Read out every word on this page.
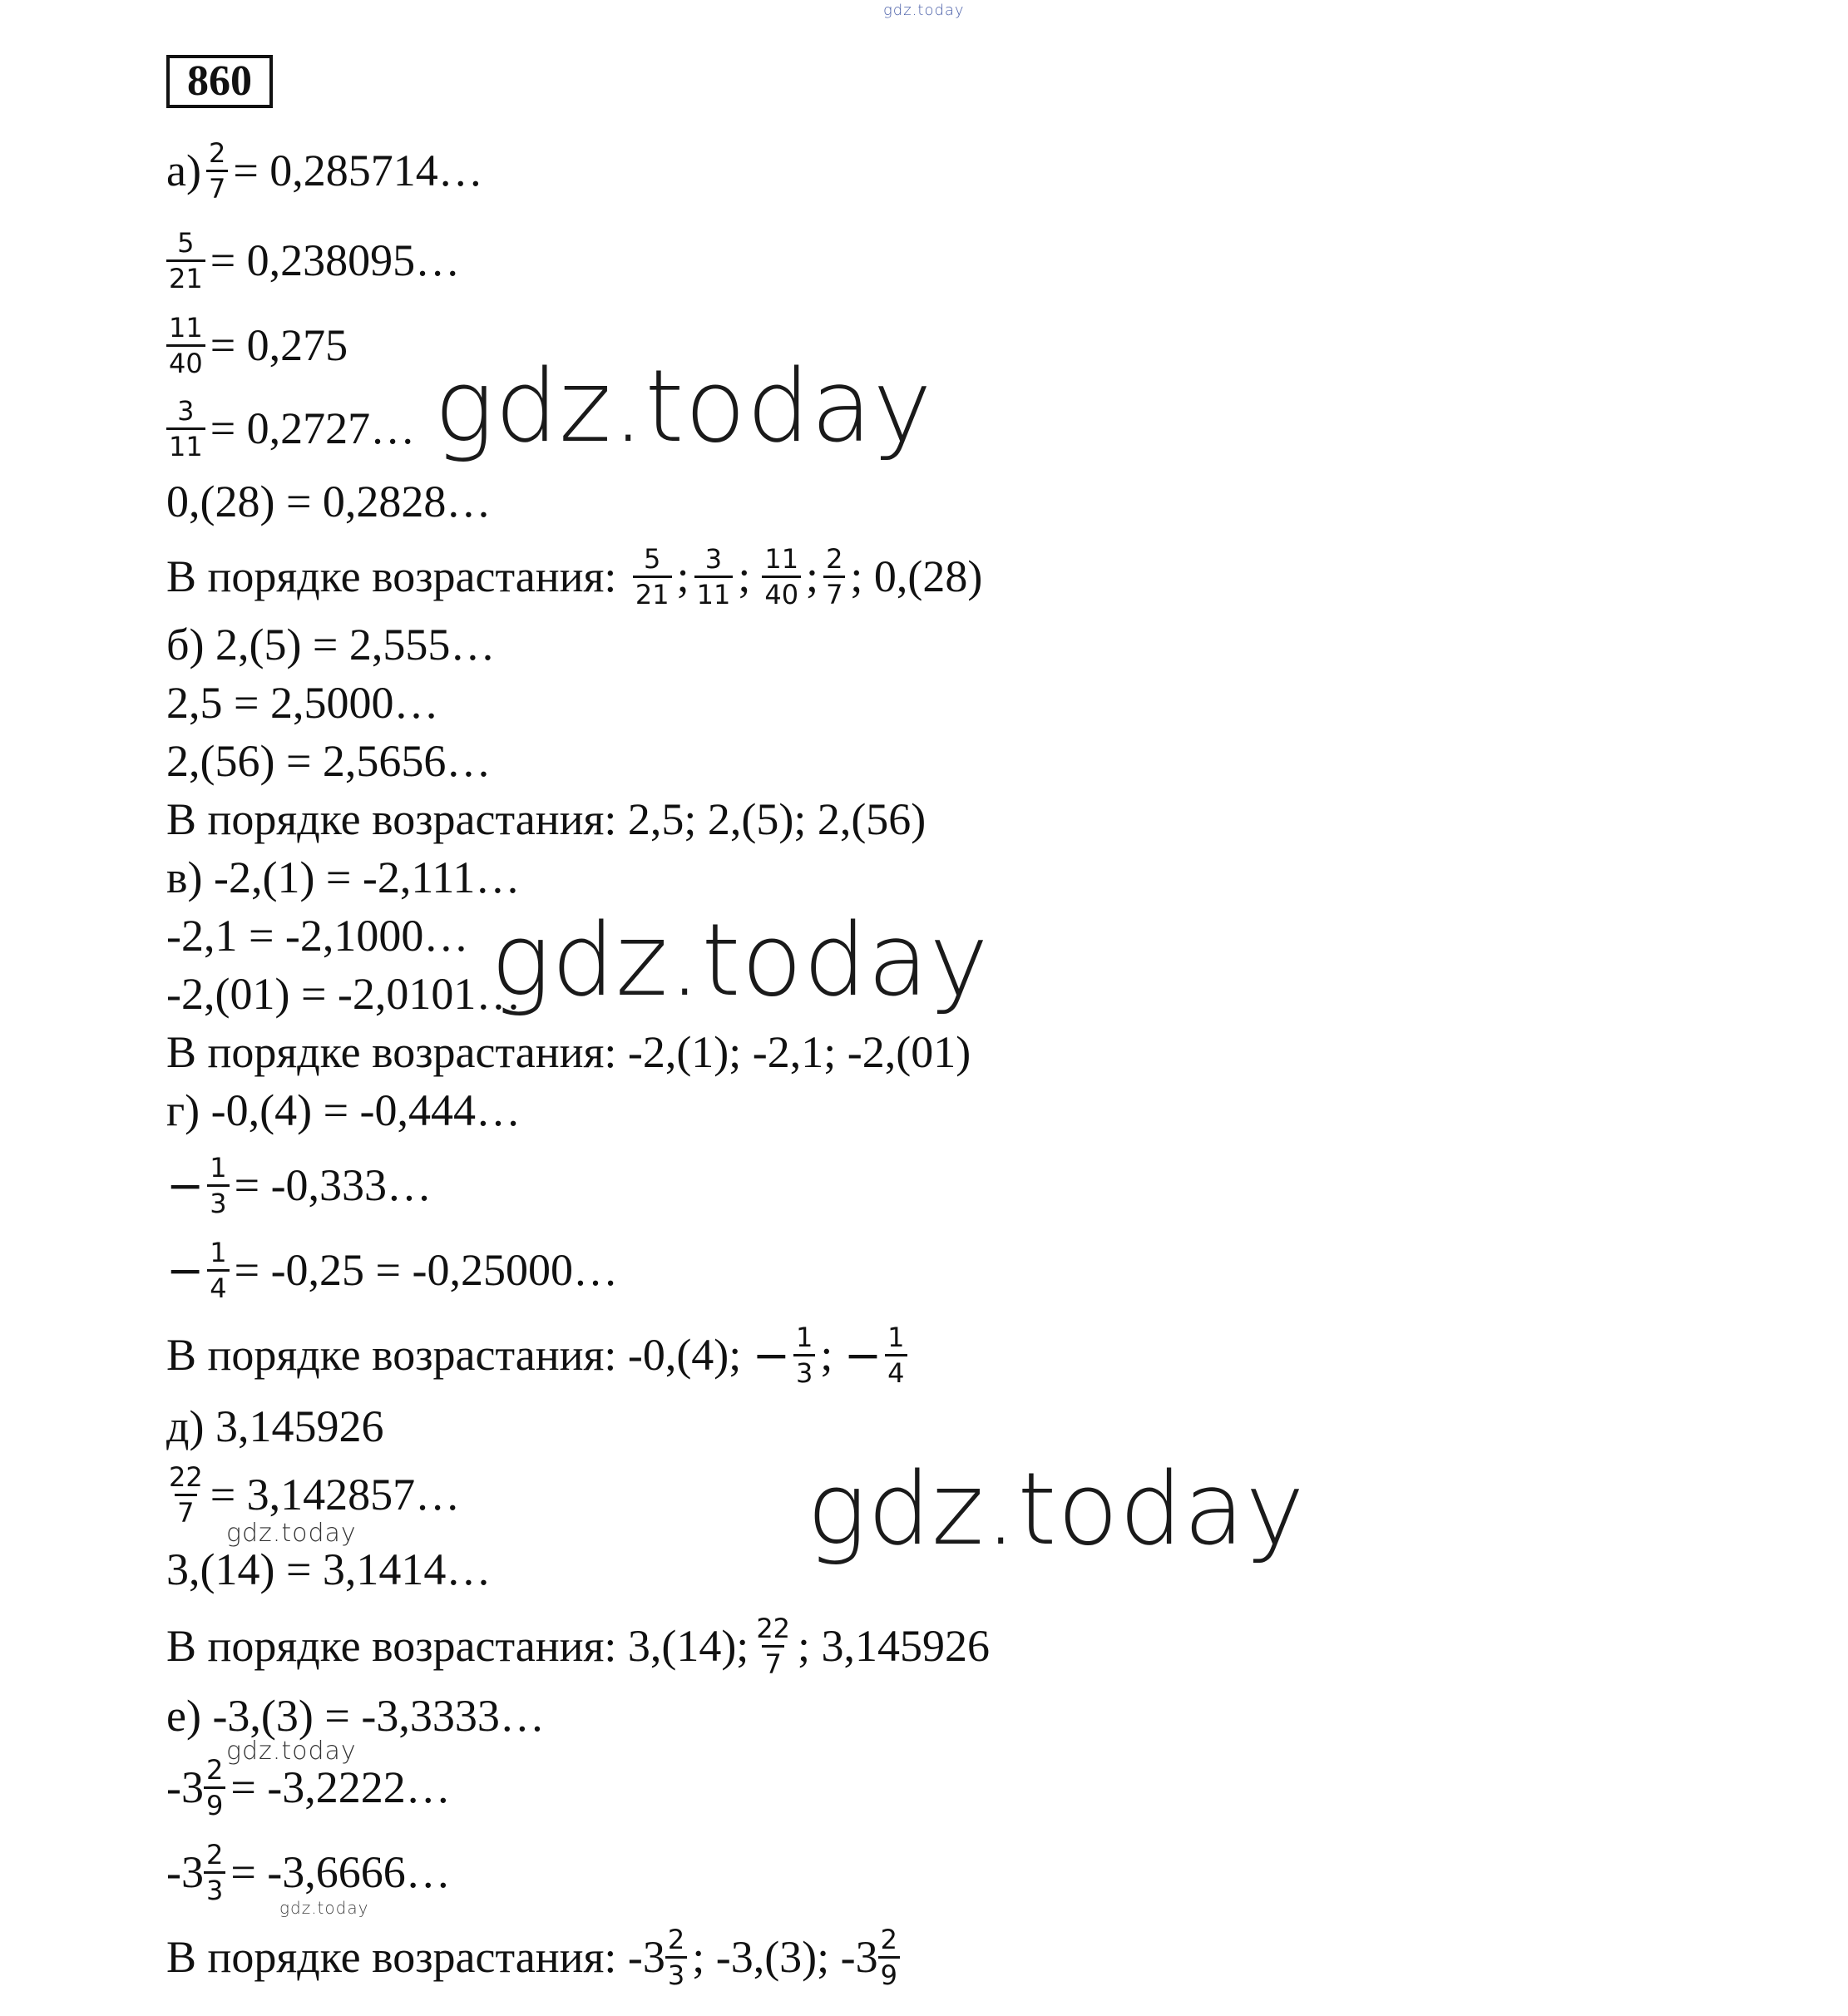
gdz.today
860
$а) \frac{2}{7}$ = 0,285714…
$\frac{5}{21}$ = 0,238095…
$\frac{11}{40} = 0,275$
$\frac{3}{11}$ = 0,2727…
0,(28) = 0,2828…
В порядке возрастания:
$\frac{5}{21}$ ; $\frac{3}{11}$ ; $\frac{11}{40}$ ; $\frac{2}{7}$ ; 0,(28)
б) 2,(5) = 2,555…
2,5 = 2,5000…
2,(56) = 2,5656…
В порядке возрастания: 2,5; 2,(5); 2,(56)
в) -2,(1) = -2,111…
-2,1 = -2,1000…
-2,(01) = -2,0101…
В порядке возрастания: -2,(1); -2,1; -2,(01)
г) -0,(4) = -0,444…
− $\frac{1}{3}$ = -0,333…
− $\frac{1}{4} = -0,25$ = -0,25000…
В порядке возрастания: -0,(4);
− $\frac{1}{3}$ ;
− $\frac{1}{4}$
д) 3,145926
$\frac{22}{7}$ = 3,142857…
3,(14) = 3,1414…
В порядке возрастания: 3,(14); $\frac{22}{7}$ ; 3,145926
е) -3,(3) = -3,3333…
$-3 \frac{2}{9}$ = -3,2222…
$-3 \frac{2}{3}$ = -3,6666…
В порядке возрастания: $-3 \frac{2}{3}$ ; -3,(3); $-3 \frac{2}{9}$
gdz.today
gdz.today
gdz.today
gdz.today
gdz.today
gdz.today
